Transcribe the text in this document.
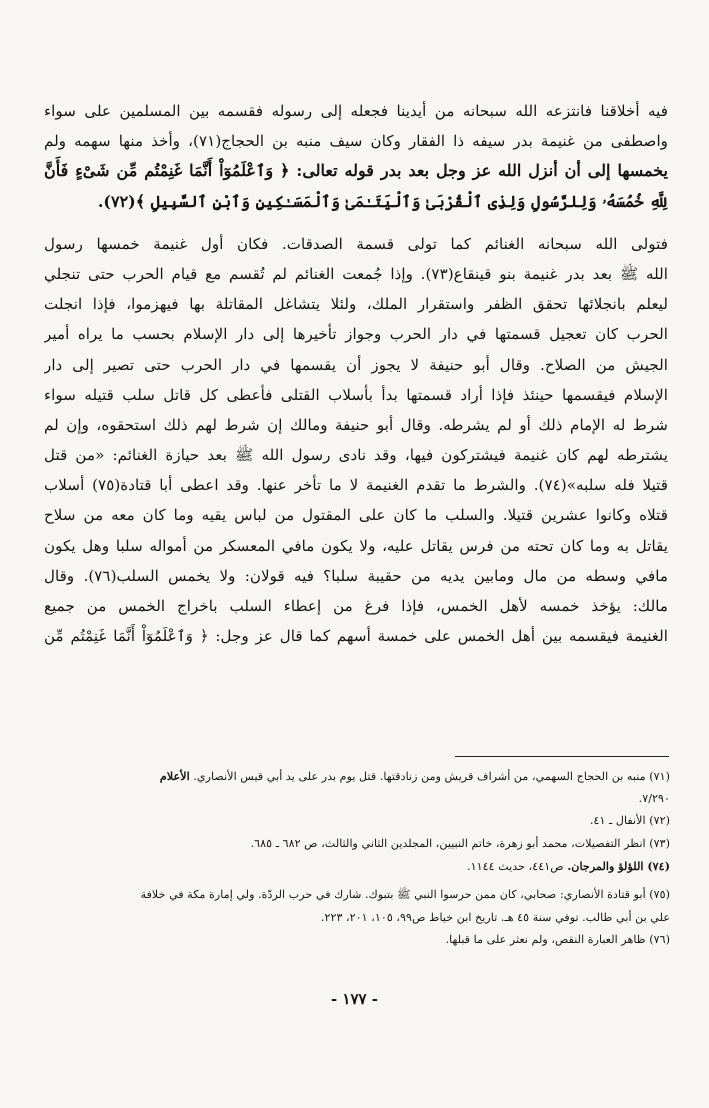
فيه أخلاقنا فانتزعه الله سبحانه من أيدينا فجعله إلى رسوله فقسمه بين المسلمين على سواء
واصطفى من غنيمة بدر سيفه ذا الفقار وكان سيف منبه بن الحجاج(٧١)، وأخذ منها سهمه ولم
يخمسها إلى أن أنزل الله عز وجل بعد بدر قوله تعالى: ﴿ وَٱعْلَمُوٓاْ أَنَّمَا غَنِمْتُم مِّن شَىْءٍ فَأَنَّ
لِلَّهِ خُمُسَهُۥ وَلِلرَّسُولِ وَلِذِى ٱلْقُرْبَىٰ وَٱلْيَتَـٰمَىٰ وَٱلْمَسَـٰكِينِ وَٱبْنِ ٱلسَّبِيلِ ﴾(٧٢).
فتولى الله سبحانه الغنائم كما تولى قسمة الصدقات. فكان أول غنيمة خمسها رسول
الله ﷺ بعد بدر غنيمة بنو قينقاع(٧٣). وإذا جُمعت الغنائم لم تُقسم مع قيام الحرب حتى تنجلي
ليعلم بانجلائها تحقق الظفر واستقرار الملك، ولئلا يتشاغل المقاتلة بها فيهزموا، فإذا انجلت
الحرب كان تعجيل قسمتها في دار الحرب وجواز تأخيرها إلى دار الإسلام بحسب ما يراه أمير
الجيش من الصلاح. وقال أبو حنيفة لا يجوز أن يقسمها في دار الحرب حتى تصير إلى دار
الإسلام فيقسمها حينئذ فإذا أراد قسمتها بدأ بأسلاب القتلى فأعطى كل قاتل سلب قتيله سواء
شرط له الإمام ذلك أو لم يشرطه. وقال أبو حنيفة ومالك إن شرط لهم ذلك استحقوه، وإن لم
يشترطه لهم كان غنيمة فيشتركون فيها، وقد نادى رسول الله ﷺ بعد حيازة الغنائم: «من قتل
قتيلا فله سلبه»(٧٤). والشرط ما تقدم الغنيمة لا ما تأخر عنها. وقد اعطى أبا قتادة(٧٥) أسلاب
قتلاه وكانوا عشرين قتيلا. والسلب ما كان على المقتول من لباس يقيه وما كان معه من سلاح
يقاتل به وما كان تحته من فرس يقاتل عليه، ولا يكون مافي المعسكر من أمواله سلبا وهل يكون
مافي وسطه من مال ومابين يديه من حقيبة سلبا؟ فيه قولان: ولا يخمس السلب(٧٦). وقال
مالك: يؤخذ خمسه لأهل الخمس، فإذا فرغ من إعطاء السلب باخراج الخمس من جميع
الغنيمة فيقسمه بين أهل الخمس على خمسة أسهم كما قال عز وجل: ﴿ وَٱعْلَمُوٓاْ أَنَّمَا غَنِمْتُم مِّن
(٧١) منبه بن الحجاج السهمي، من أشراف قريش ومن زنادقتها. قتل يوم بدر على يد أبي قيس الأنصاري. الأعلام
٧/٢٩٠.
(٧٢) الأنفال ـ ٤١.
(٧٣) انظر التفصيلات، محمد أبو زهرة، خاتم النبيين، المجلدين الثاني والثالث، ص ٦٨٢ ـ ٦٨٥.
(٧٤) اللؤلؤ والمرجان. ص٤٤١، حديث ١١٤٤.
(٧٥) أبو قتادة الأنصاري: صحابي، كان ممن حرسوا النبي ﷺ بتبوك. شارك في حرب الردّة. ولي إمارة مكة في خلافة
علي بن أبي طالب. توفي سنة ٤٥ هـ. تاريخ ابن خياط ص٩٩، ١٠٥، ٢٠١، ٢٢٣.
(٧٦) ظاهر العبارة النقص، ولم نعثر على ما قبلها.
- ١٧٧ -
